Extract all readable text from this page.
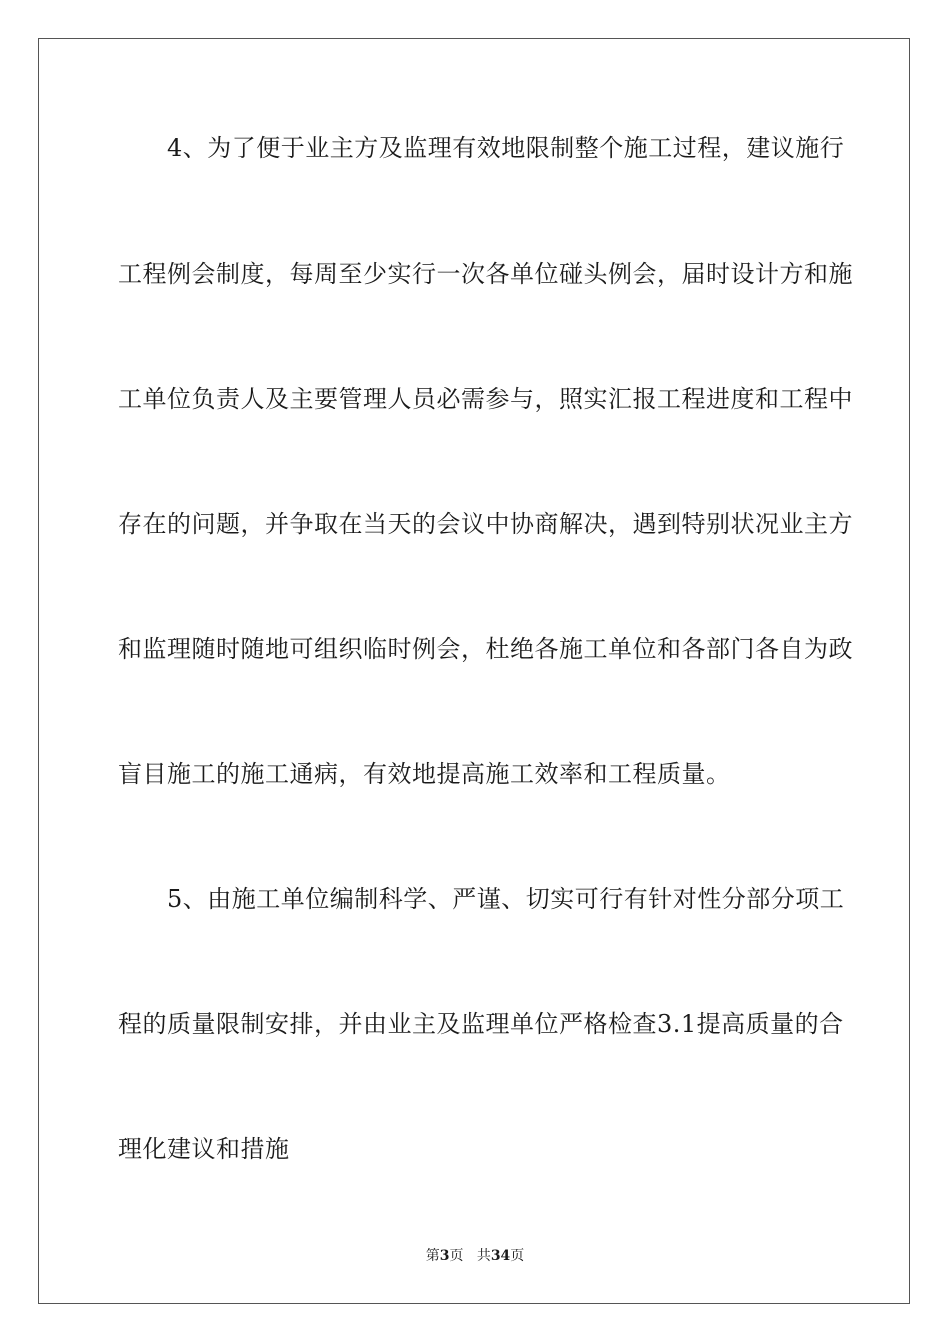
　　4、为了便于业主方及监理有效地限制整个施工过程，建议施行
工程例会制度，每周至少实行一次各单位碰头例会，届时设计方和施
工单位负责人及主要管理人员必需参与，照实汇报工程进度和工程中
存在的问题，并争取在当天的会议中协商解决，遇到特别状况业主方
和监理随时随地可组织临时例会，杜绝各施工单位和各部门各自为政
盲目施工的施工通病，有效地提高施工效率和工程质量。
　　5、由施工单位编制科学、严谨、切实可行有针对性分部分项工
程的质量限制安排，并由业主及监理单位严格检查3.1提高质量的合
理化建议和措施
第3页 共34页
